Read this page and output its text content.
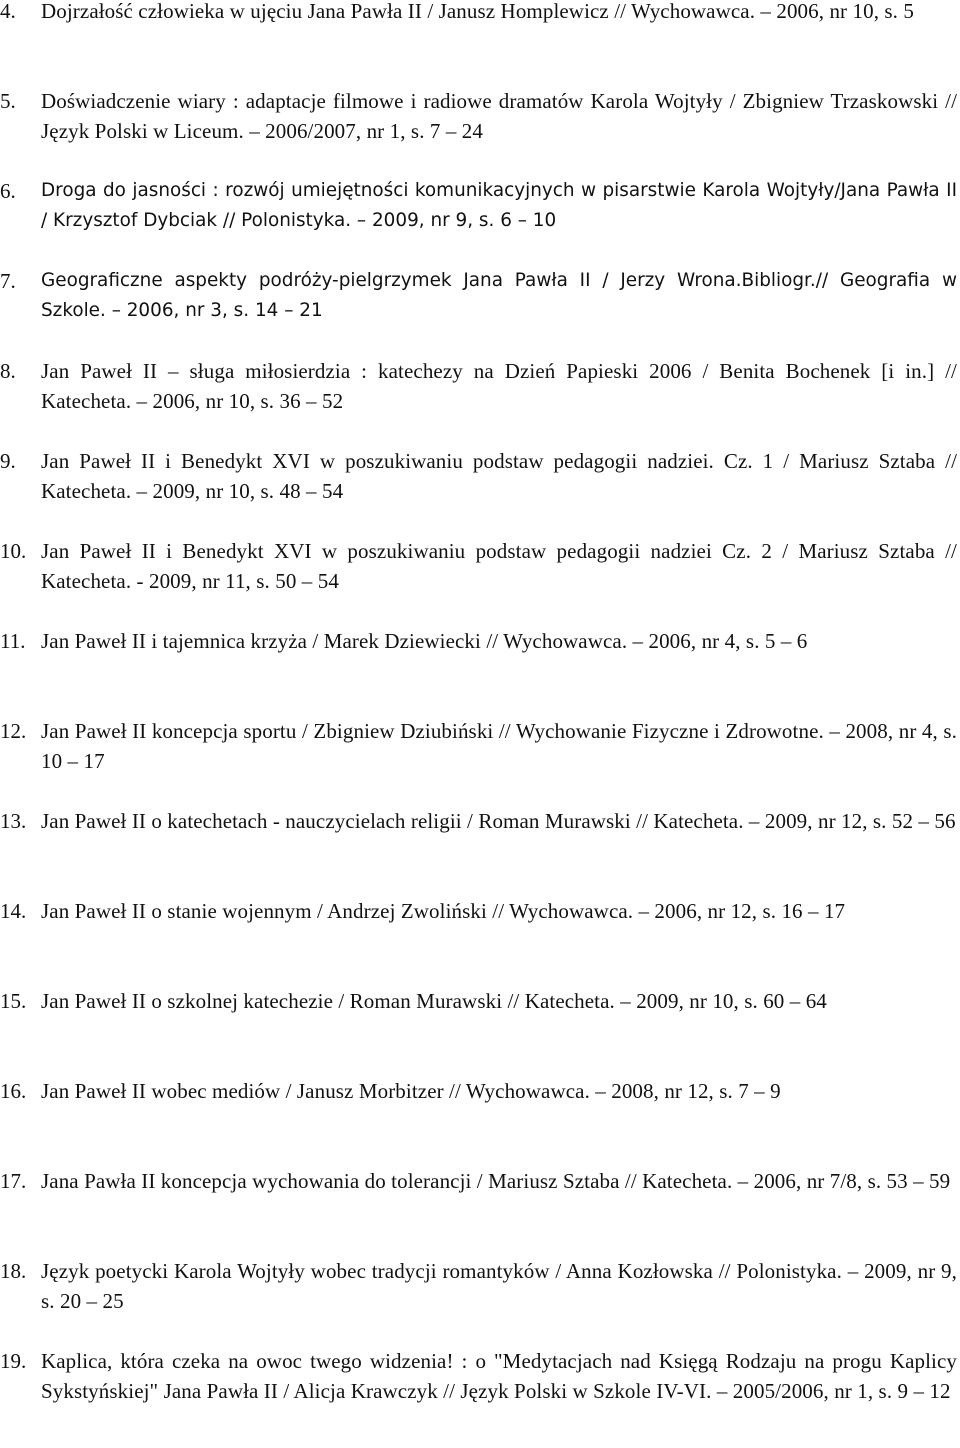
4. Dojrzałość człowieka w ujęciu Jana Pawła II / Janusz Homplewicz // Wychowawca. – 2006, nr 10, s. 5
5. Doświadczenie wiary : adaptacje filmowe i radiowe dramatów Karola Wojtyły / Zbigniew Trzaskowski // Język Polski w Liceum. – 2006/2007, nr 1, s. 7 – 24
6. Droga do jasności : rozwój umiejętności komunikacyjnych w pisarstwie Karola Wojtyły/Jana Pawła II / Krzysztof Dybciak // Polonistyka. – 2009, nr 9, s. 6 – 10
7. Geograficzne aspekty podróży-pielgrzymek Jana Pawła II / Jerzy Wrona.Bibliogr.// Geografia w Szkole. – 2006, nr 3, s. 14 – 21
8. Jan Paweł II – sługa miłosierdzia : katechezy na Dzień Papieski 2006 / Benita Bochenek [i in.] // Katecheta. – 2006, nr 10, s. 36 – 52
9. Jan Paweł II i Benedykt XVI w poszukiwaniu podstaw pedagogii nadziei. Cz. 1 / Mariusz Sztaba // Katecheta. – 2009, nr 10, s. 48 – 54
10. Jan Paweł II i Benedykt XVI w poszukiwaniu podstaw pedagogii nadziei Cz. 2 / Mariusz Sztaba // Katecheta. - 2009, nr 11, s. 50 – 54
11. Jan Paweł II i tajemnica krzyża / Marek Dziewiecki // Wychowawca. – 2006, nr 4, s. 5 – 6
12. Jan Paweł II koncepcja sportu / Zbigniew Dziubiński // Wychowanie Fizyczne i Zdrowotne. – 2008, nr 4, s. 10 – 17
13. Jan Paweł II o katechetach - nauczycielach religii / Roman Murawski // Katecheta. – 2009, nr 12, s. 52 – 56
14. Jan Paweł II o stanie wojennym / Andrzej Zwoliński // Wychowawca. – 2006, nr 12, s. 16 – 17
15. Jan Paweł II o szkolnej katechezie / Roman Murawski // Katecheta. – 2009, nr 10, s. 60 – 64
16. Jan Paweł II wobec mediów / Janusz Morbitzer // Wychowawca. – 2008, nr 12, s. 7 – 9
17. Jana Pawła II koncepcja wychowania do tolerancji / Mariusz Sztaba // Katecheta. – 2006, nr 7/8, s. 53 – 59
18. Język poetycki Karola Wojtyły wobec tradycji romantyków / Anna Kozłowska // Polonistyka. – 2009, nr 9, s. 20 – 25
19. Kaplica, która czeka na owoc twego widzenia! : o "Medytacjach nad Księgą Rodzaju na progu Kaplicy Sykstyńskiej" Jana Pawła II / Alicja Krawczyk // Język Polski w Szkole IV-VI. – 2005/2006, nr 1, s. 9 – 12
